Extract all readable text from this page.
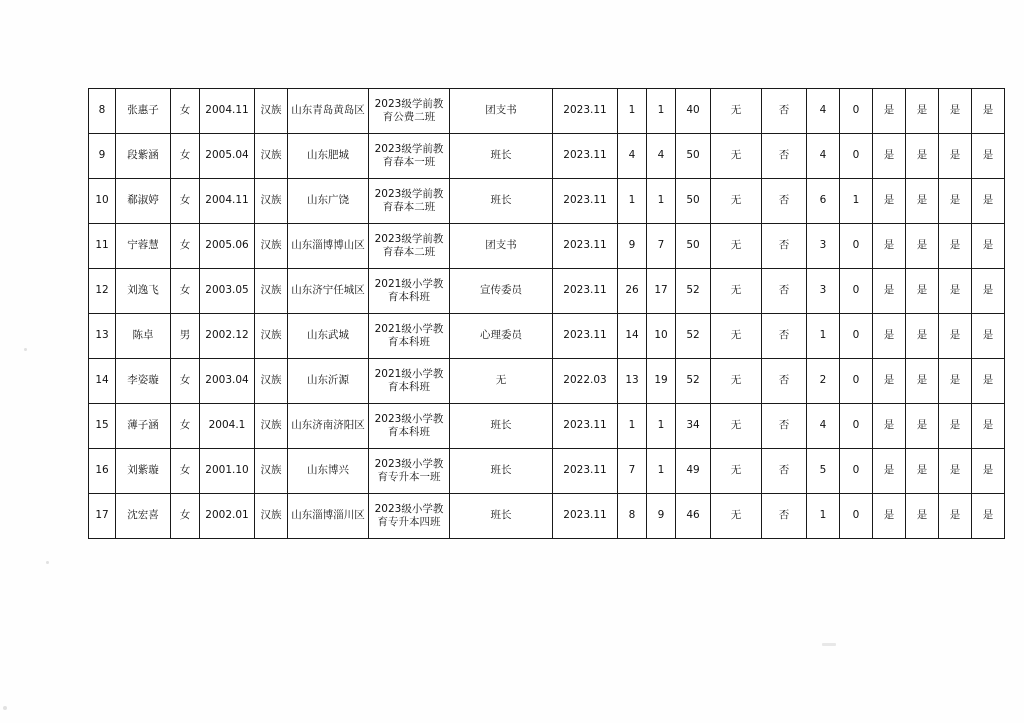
8	张惠子	女	2004.11	汉族	山东青岛黄岛区	2023级学前教育公费二班	团支书	2023.11	1	1	40	无	否	4	0	是	是	是	是

9	段紫涵	女	2005.04	汉族	山东肥城	2023级学前教育春本一班	班长	2023.11	4	4	50	无	否	4	0	是	是	是	是

10	郗淑婷	女	2004.11	汉族	山东广饶	2023级学前教育春本二班	班长	2023.11	1	1	50	无	否	6	1	是	是	是	是

11	宁蓉慧	女	2005.06	汉族	山东淄博博山区	2023级学前教育春本二班	团支书	2023.11	9	7	50	无	否	3	0	是	是	是	是

12	刘逸飞	女	2003.05	汉族	山东济宁任城区	2021级小学教育本科班	宣传委员	2023.11	26	17	52	无	否	3	0	是	是	是	是

13	陈卓	男	2002.12	汉族	山东武城	2021级小学教育本科班	心理委员	2023.11	14	10	52	无	否	1	0	是	是	是	是

14	李姿璇	女	2003.04	汉族	山东沂源	2021级小学教育本科班	无	2022.03	13	19	52	无	否	2	0	是	是	是	是

15	薄子涵	女	2004.1	汉族	山东济南济阳区	2023级小学教育本科班	班长	2023.11	1	1	34	无	否	4	0	是	是	是	是

16	刘紫璇	女	2001.10	汉族	山东博兴	2023级小学教育专升本一班	班长	2023.11	7	1	49	无	否	5	0	是	是	是	是

17	沈宏喜	女	2002.01	汉族	山东淄博淄川区	2023级小学教育专升本四班	班长	2023.11	8	9	46	无	否	1	0	是	是	是	是
